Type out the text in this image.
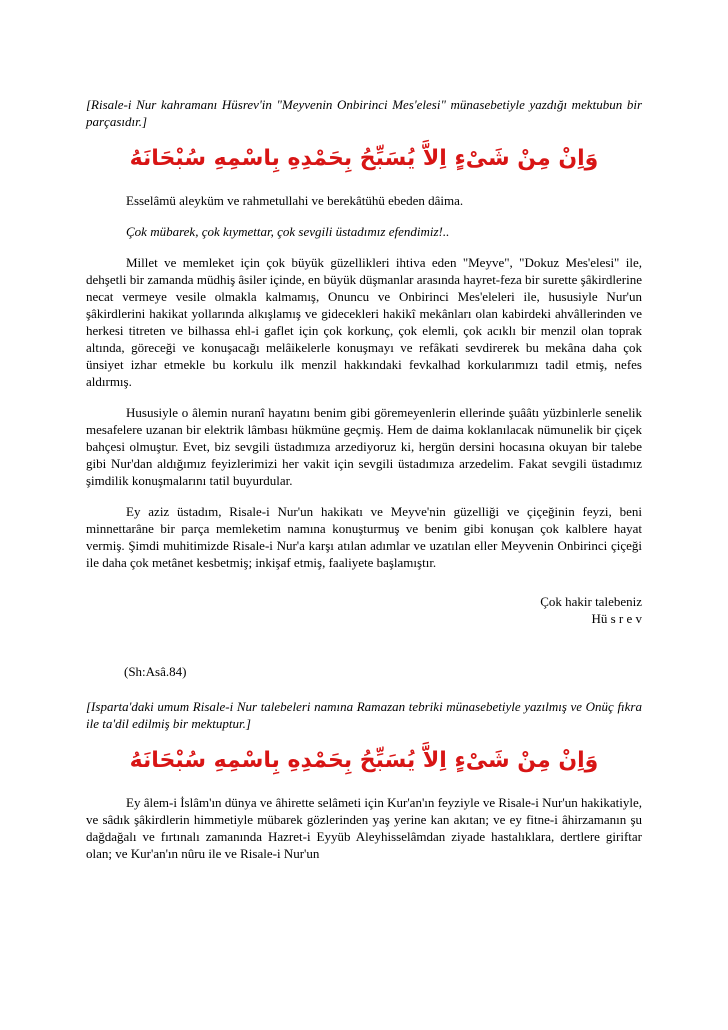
[Risale-i Nur kahramanı Hüsrev'in "Meyvenin Onbirinci Mes'elesi" münasebetiyle yazdığı mektubun bir parçasıdır.]

وَاِنْ مِنْ شَىْءٍ اِلاَّ يُسَبِّحُ بِحَمْدِهِ بِاسْمِهِ سُبْحَانَهُ

Esselâmü aleyküm ve rahmetullahi ve berekâtühü ebeden dâima.

Çok mübarek, çok kıymettar, çok sevgili üstadımız efendimiz!..

Millet ve memleket için çok büyük güzellikleri ihtiva eden "Meyve", "Dokuz Mes'elesi" ile, dehşetli bir zamanda müdhiş âsiler içinde, en büyük düşmanlar arasında hayret-feza bir surette şâkirdlerine necat vermeye vesile olmakla kalmamış, Onuncu ve Onbirinci Mes'eleleri ile, hususiyle Nur'un şâkirdlerini hakikat yollarında alkışlamış ve gidecekleri hakikî mekânları olan kabirdeki ahvâllerinden ve herkesi titreten ve bilhassa ehl-i gaflet için çok korkunç, çok elemli, çok acıklı bir menzil olan toprak altında, göreceği ve konuşacağı melâikelerle konuşmayı ve refâkati sevdirerek bu mekâna daha çok ünsiyet izhar etmekle bu korkulu ilk menzil hakkındaki fevkalhad korkularımızı tadil etmiş, nefes aldırmış.

Hususiyle o âlemin nuranî hayatını benim gibi göremeyenlerin ellerinde şuââtı yüzbinlerle senelik mesafelere uzanan bir elektrik lâmbası hükmüne geçmiş. Hem de daima koklanılacak nümunelik bir çiçek bahçesi olmuştur. Evet, biz sevgili üstadımıza arzediyoruz ki, hergün dersini hocasına okuyan bir talebe gibi Nur'dan aldığımız feyizlerimizi her vakit için sevgili üstadımıza arzedelim. Fakat sevgili üstadımız şimdilik konuşmalarını tatil buyurdular.

Ey aziz üstadım, Risale-i Nur'un hakikatı ve Meyve'nin güzelliği ve çiçeğinin feyzi, beni minnettarâne bir parça memleketim namına konuşturmuş ve benim gibi konuşan çok kalblere hayat vermiş. Şimdi muhitimizde Risale-i Nur'a karşı atılan adımlar ve uzatılan eller Meyvenin Onbirinci çiçeği ile daha çok metânet kesbetmiş; inkişaf etmiş, faaliyete başlamıştır.

Çok hakir talebeniz
Hü s r e v
(Sh:Asâ.84)

[Isparta'daki umum Risale-i Nur talebeleri namına Ramazan tebriki münasebetiyle yazılmış ve Onüç fıkra ile ta'dil edilmiş bir mektuptur.]

وَاِنْ مِنْ شَىْءٍ اِلاَّ يُسَبِّحُ بِحَمْدِهِ بِاسْمِهِ سُبْحَانَهُ

Ey âlem-i İslâm'ın dünya ve âhirette selâmeti için Kur'an'ın feyziyle ve Risale-i Nur'un hakikatiyle, ve sâdık şâkirdlerin himmetiyle mübarek gözlerinden yaş yerine kan akıtan; ve ey fitne-i âhirzamanın şu dağdağalı ve fırtınalı zamanında Hazret-i Eyyüb Aleyhisselâmdan ziyade hastalıklara, dertlere giriftar olan; ve Kur'an'ın nûru ile ve Risale-i Nur'un
